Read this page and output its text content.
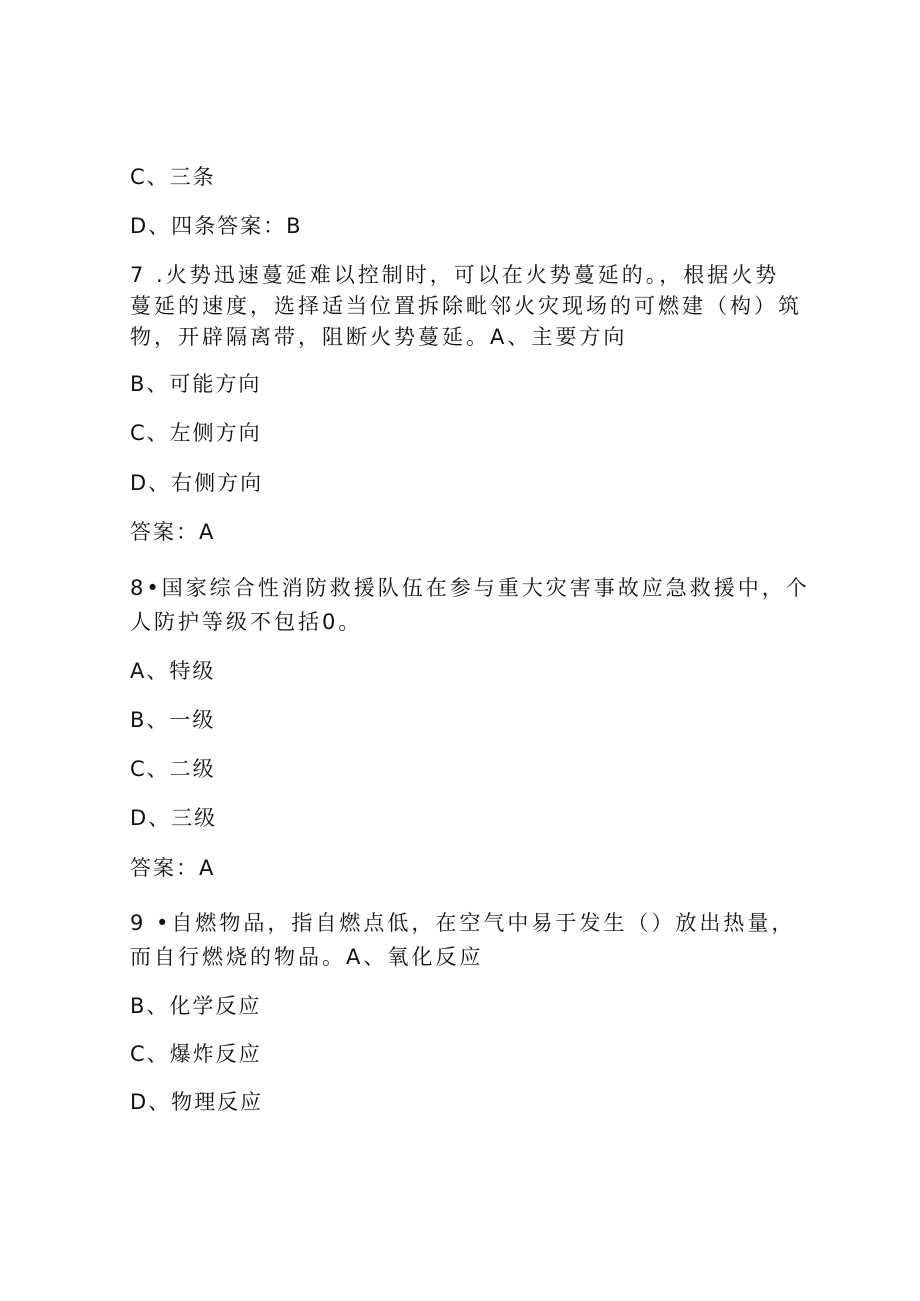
C、三条
D、四条答案：B
7 .火势迅速蔓延难以控制时，可以在火势蔓延的。，根据火势
蔓延的速度，选择适当位置拆除毗邻火灾现场的可燃建（构）筑
物，开辟隔离带，阻断火势蔓延。A、主要方向
B、可能方向
C、左侧方向
D、右侧方向
答案：A
8•国家综合性消防救援队伍在参与重大灾害事故应急救援中，个
人防护等级不包括0。
A、特级
B、一级
C、二级
D、三级
答案：A
9 •自燃物品，指自燃点低，在空气中易于发生（）放出热量，
而自行燃烧的物品。A、氧化反应
B、化学反应
C、爆炸反应
D、物理反应
